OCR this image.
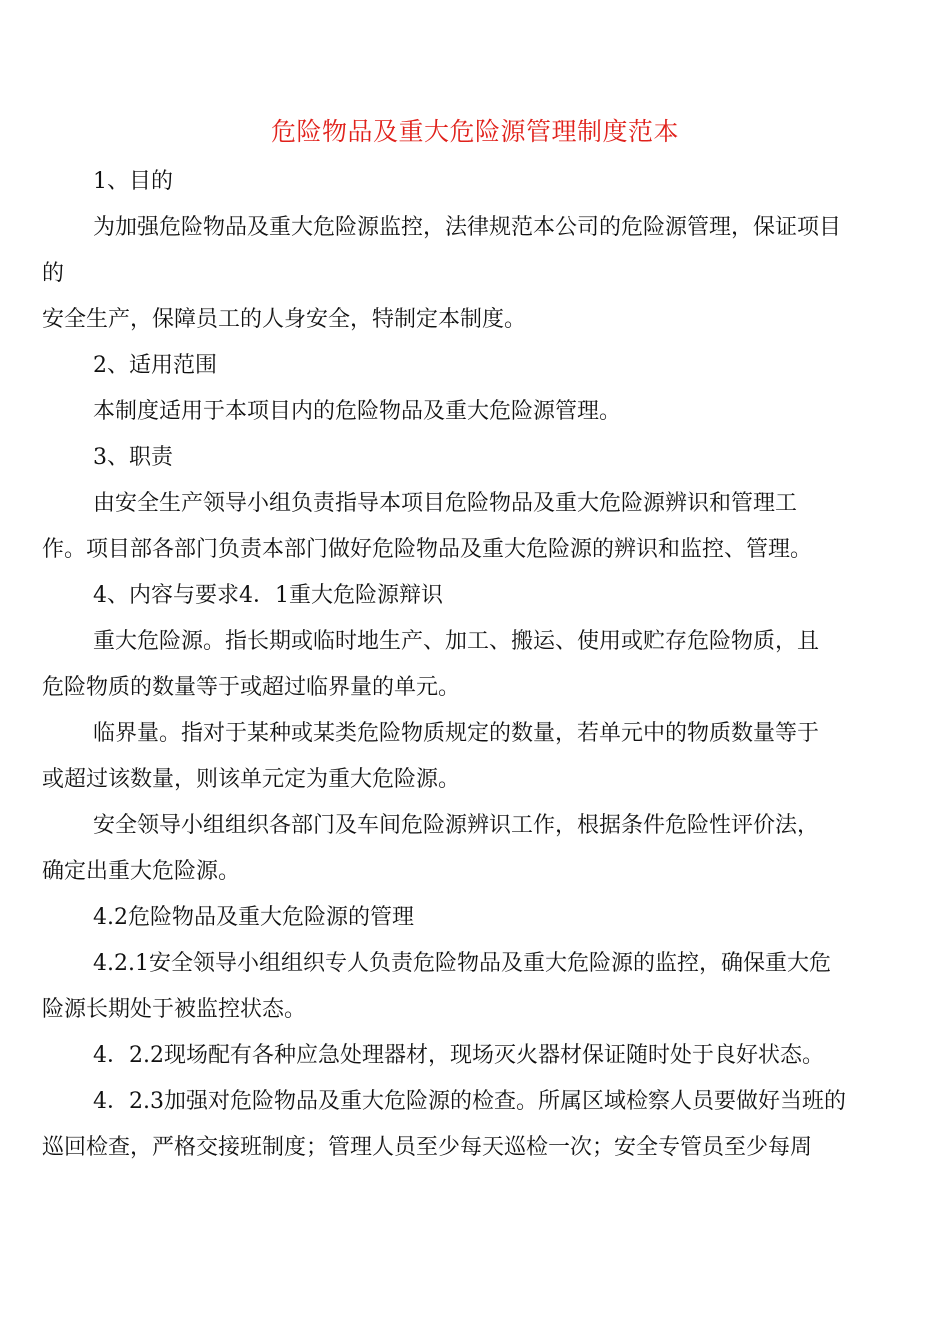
危险物品及重大危险源管理制度范本
1、目的
为加强危险物品及重大危险源监控，法律规范本公司的危险源管理，保证项目
的
安全生产，保障员工的人身安全，特制定本制度。
2、适用范围
本制度适用于本项目内的危险物品及重大危险源管理。
3、职责
由安全生产领导小组负责指导本项目危险物品及重大危险源辨识和管理工
作。项目部各部门负责本部门做好危险物品及重大危险源的辨识和监控、管理。
4、内容与要求4．1重大危险源辩识
重大危险源。指长期或临时地生产、加工、搬运、使用或贮存危险物质，且
危险物质的数量等于或超过临界量的单元。
临界量。指对于某种或某类危险物质规定的数量，若单元中的物质数量等于
或超过该数量，则该单元定为重大危险源。
安全领导小组组织各部门及车间危险源辨识工作，根据条件危险性评价法，
确定出重大危险源。
4.2危险物品及重大危险源的管理
4.2.1安全领导小组组织专人负责危险物品及重大危险源的监控，确保重大危
险源长期处于被监控状态。
4．2.2现场配有各种应急处理器材，现场灭火器材保证随时处于良好状态。
4．2.3加强对危险物品及重大危险源的检查。所属区域检察人员要做好当班的
巡回检查，严格交接班制度；管理人员至少每天巡检一次；安全专管员至少每周
